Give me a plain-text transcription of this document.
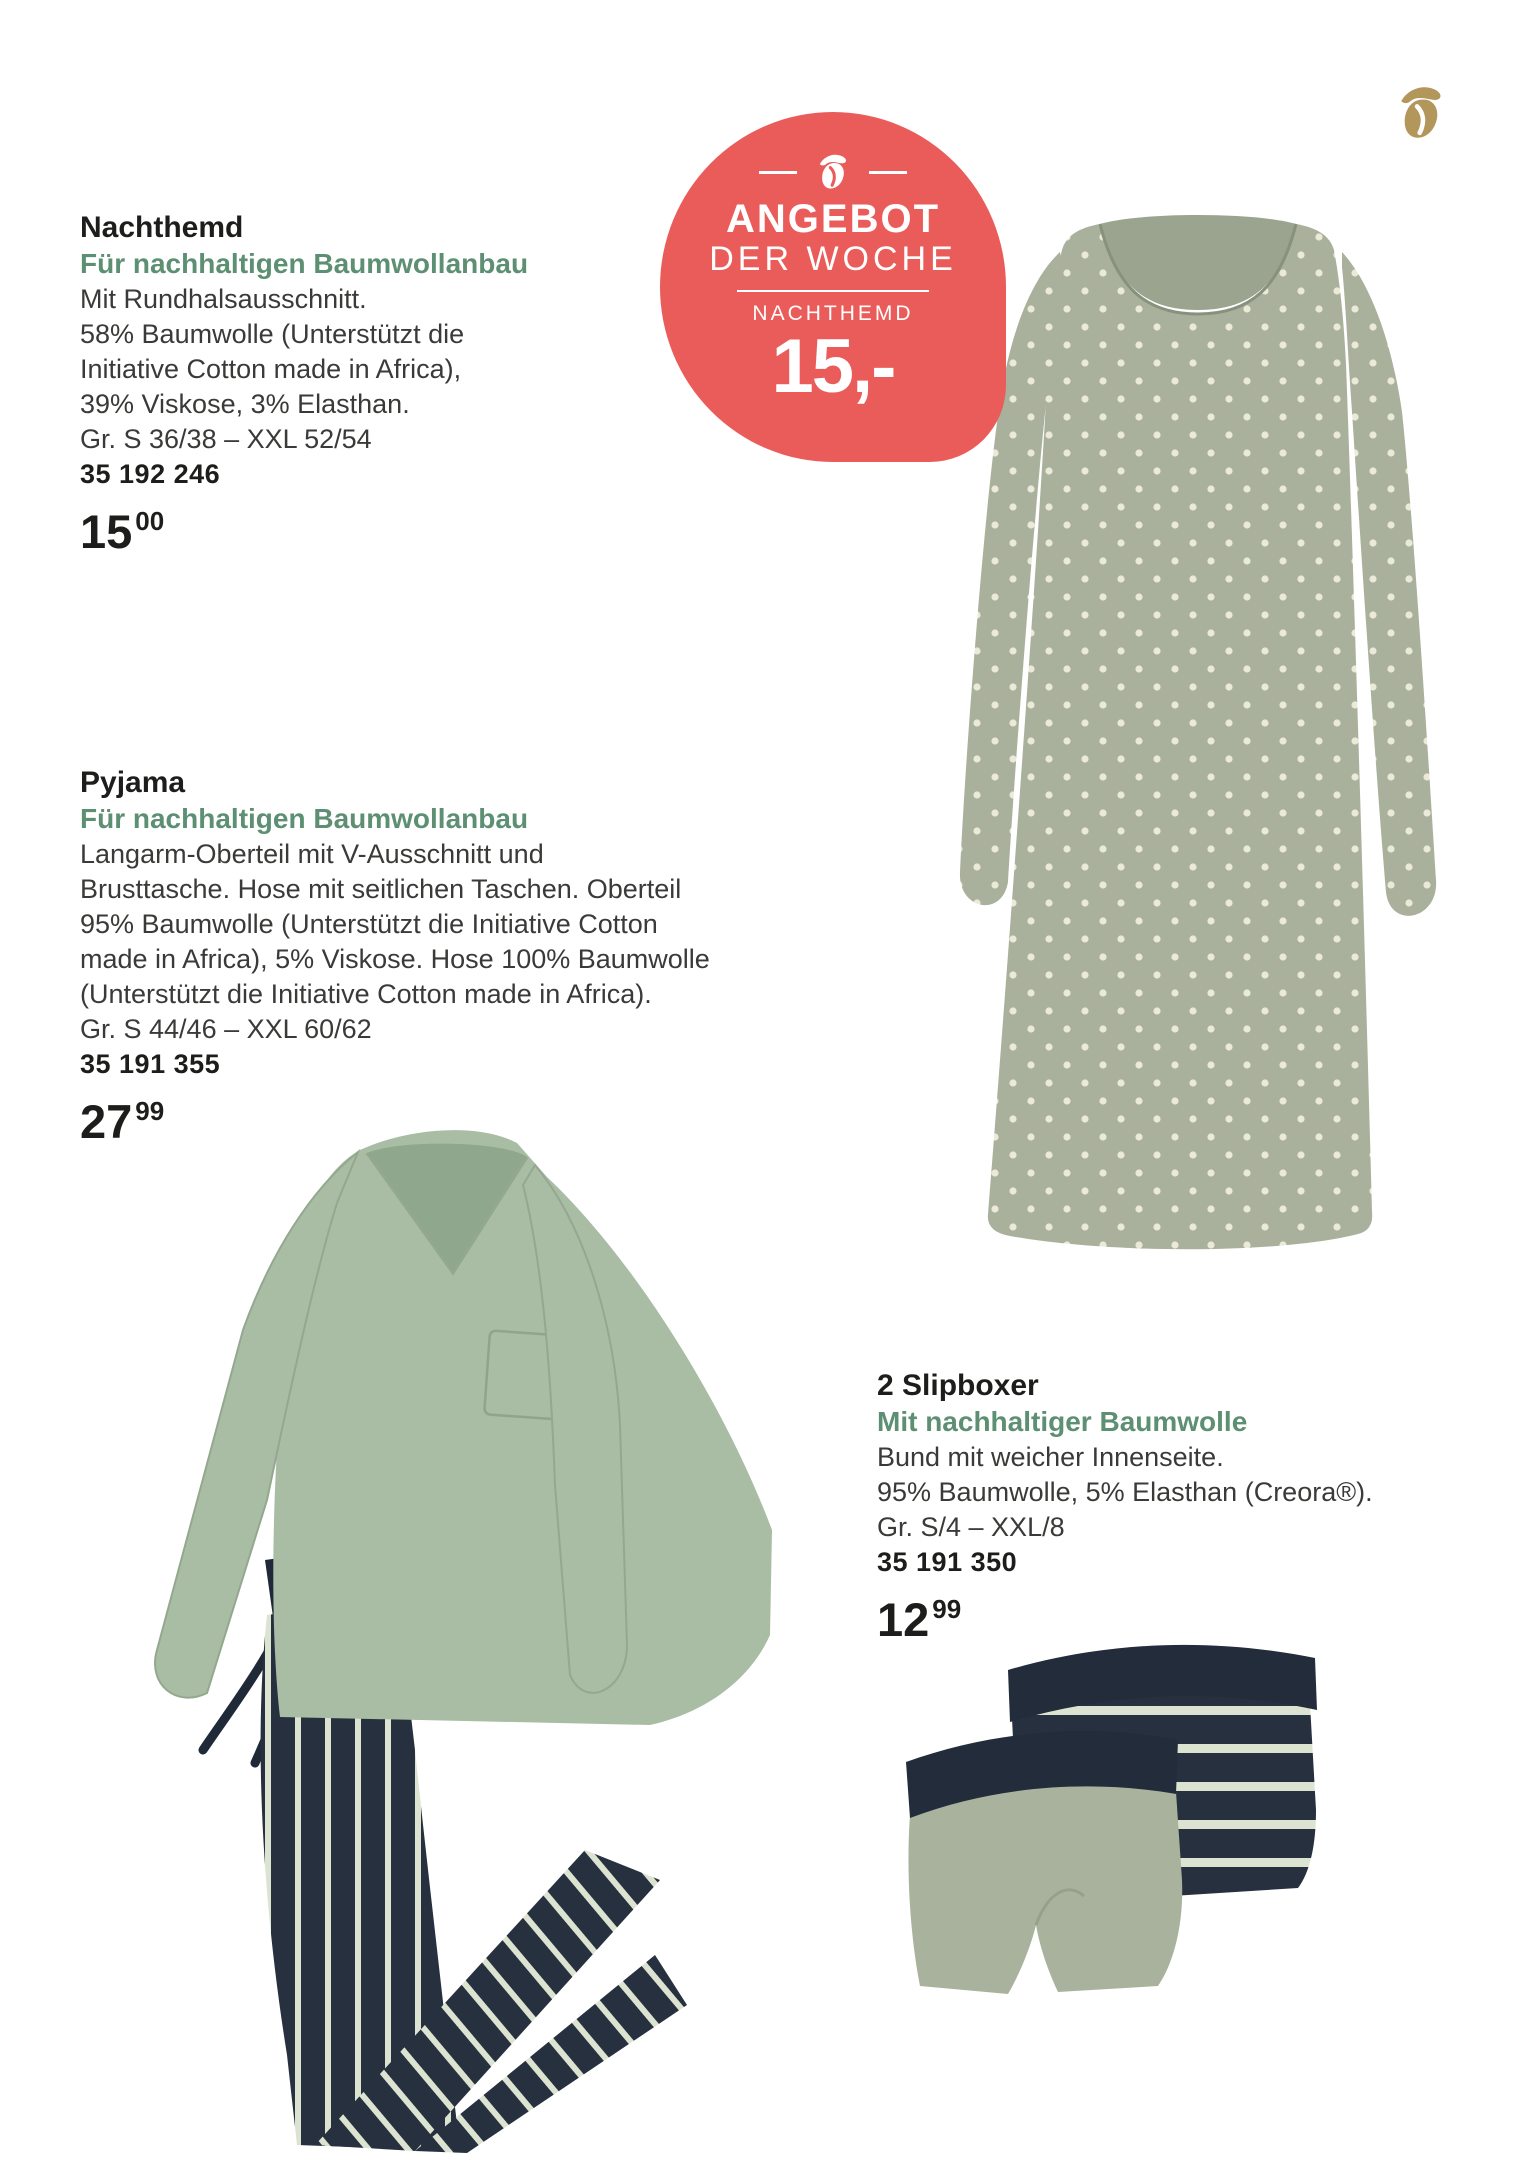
ANGEBOT
DER WOCHE
NACHTHEMD
15,-
Nachthemd
Für nachhaltigen Baumwollanbau
Mit Rundhalsausschnitt.
58% Baumwolle (Unterstützt die
Initiative Cotton made in Africa),
39% Viskose, 3% Elasthan.
Gr. S 36/38 – XXL 52/54
35 192 246
15 $^{00}$
Pyjama
Für nachhaltigen Baumwollanbau
Langarm-Oberteil mit V-Ausschnitt und
Brusttasche. Hose mit seitlichen Taschen. Oberteil
95% Baumwolle (Unterstützt die Initiative Cotton
made in Africa), 5% Viskose. Hose 100% Baumwolle
(Unterstützt die Initiative Cotton made in Africa).
Gr. S 44/46 – XXL 60/62
35 191 355
27 $^{99}$
2 Slipboxer
Mit nachhaltiger Baumwolle
Bund mit weicher Innenseite.
95% Baumwolle, 5% Elasthan (Creora®).
Gr. S/4 – XXL/8
35 191 350
12 $^{99}$
